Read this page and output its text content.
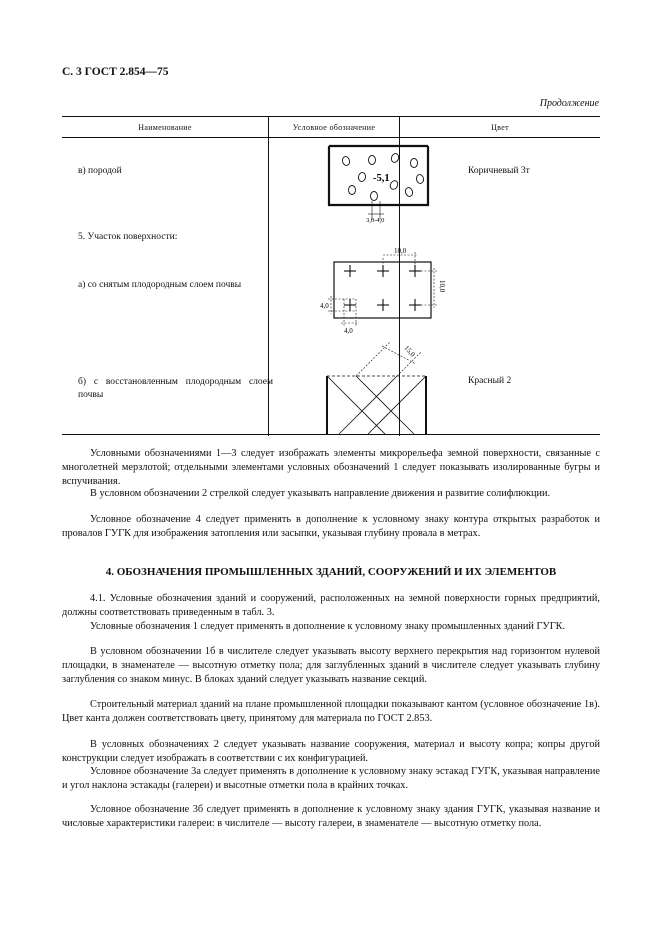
С. 3 ГОСТ 2.854—75
Продолжение
Наименование	Условное обозначение	Цвет

в) породой	Коричневый 3т
-5,1
3,0-4,0
5. Участок поверхности:
а) со снятым плодородным слоем почвы
10,0
10,0
4,0
4,0
б) с восстановленным плодородным слоем почвы
Красный 2
15,0
Условными обозначениями 1—3 следует изображать элементы микрорельефа земной поверхности, связанные с многолетней мерзлотой; отдельными элементами условных обозначений 1 следует показывать изолированные бугры и вспучивания.
В условном обозначении 2 стрелкой следует указывать направление движения и развитие солифлюкции.
Условное обозначение 4 следует применять в дополнение к условному знаку контура открытых разработок и провалов ГУГК для изображения затопления или засыпки, указывая глубину провала в метрах.
4. ОБОЗНАЧЕНИЯ ПРОМЫШЛЕННЫХ ЗДАНИЙ, СООРУЖЕНИЙ И ИХ ЭЛЕМЕНТОВ
4.1. Условные обозначения зданий и сооружений, расположенных на земной поверхности горных предприятий, должны соответствовать приведенным в табл. 3.
Условные обозначения 1 следует применять в дополнение к условному знаку промышленных зданий ГУГК.
В условном обозначении 1б в числителе следует указывать высоту верхнего перекрытия над горизонтом нулевой площадки, в знаменателе — высотную отметку пола; для заглубленных зданий в числителе следует указывать глубину заглубления со знаком минус. В блоках зданий следует указывать название секций.
Строительный материал зданий на плане промышленной площадки показывают кантом (условное обозначение 1в). Цвет канта должен соответствовать цвету, принятому для материала по ГОСТ 2.853.
В условных обозначениях 2 следует указывать название сооружения, материал и высоту копра; копры другой конструкции следует изображать в соответствии с их конфигурацией.
Условное обозначение 3а следует применять в дополнение к условному знаку эстакад ГУГК, указывая направление и угол наклона эстакады (галереи) и высотные отметки пола в крайних точках.
Условное обозначение 3б следует применять в дополнение к условному знаку здания ГУГК, указывая название и числовые характеристики галереи: в числителе — высоту галереи, в знаменателе — высотную отметку пола.
